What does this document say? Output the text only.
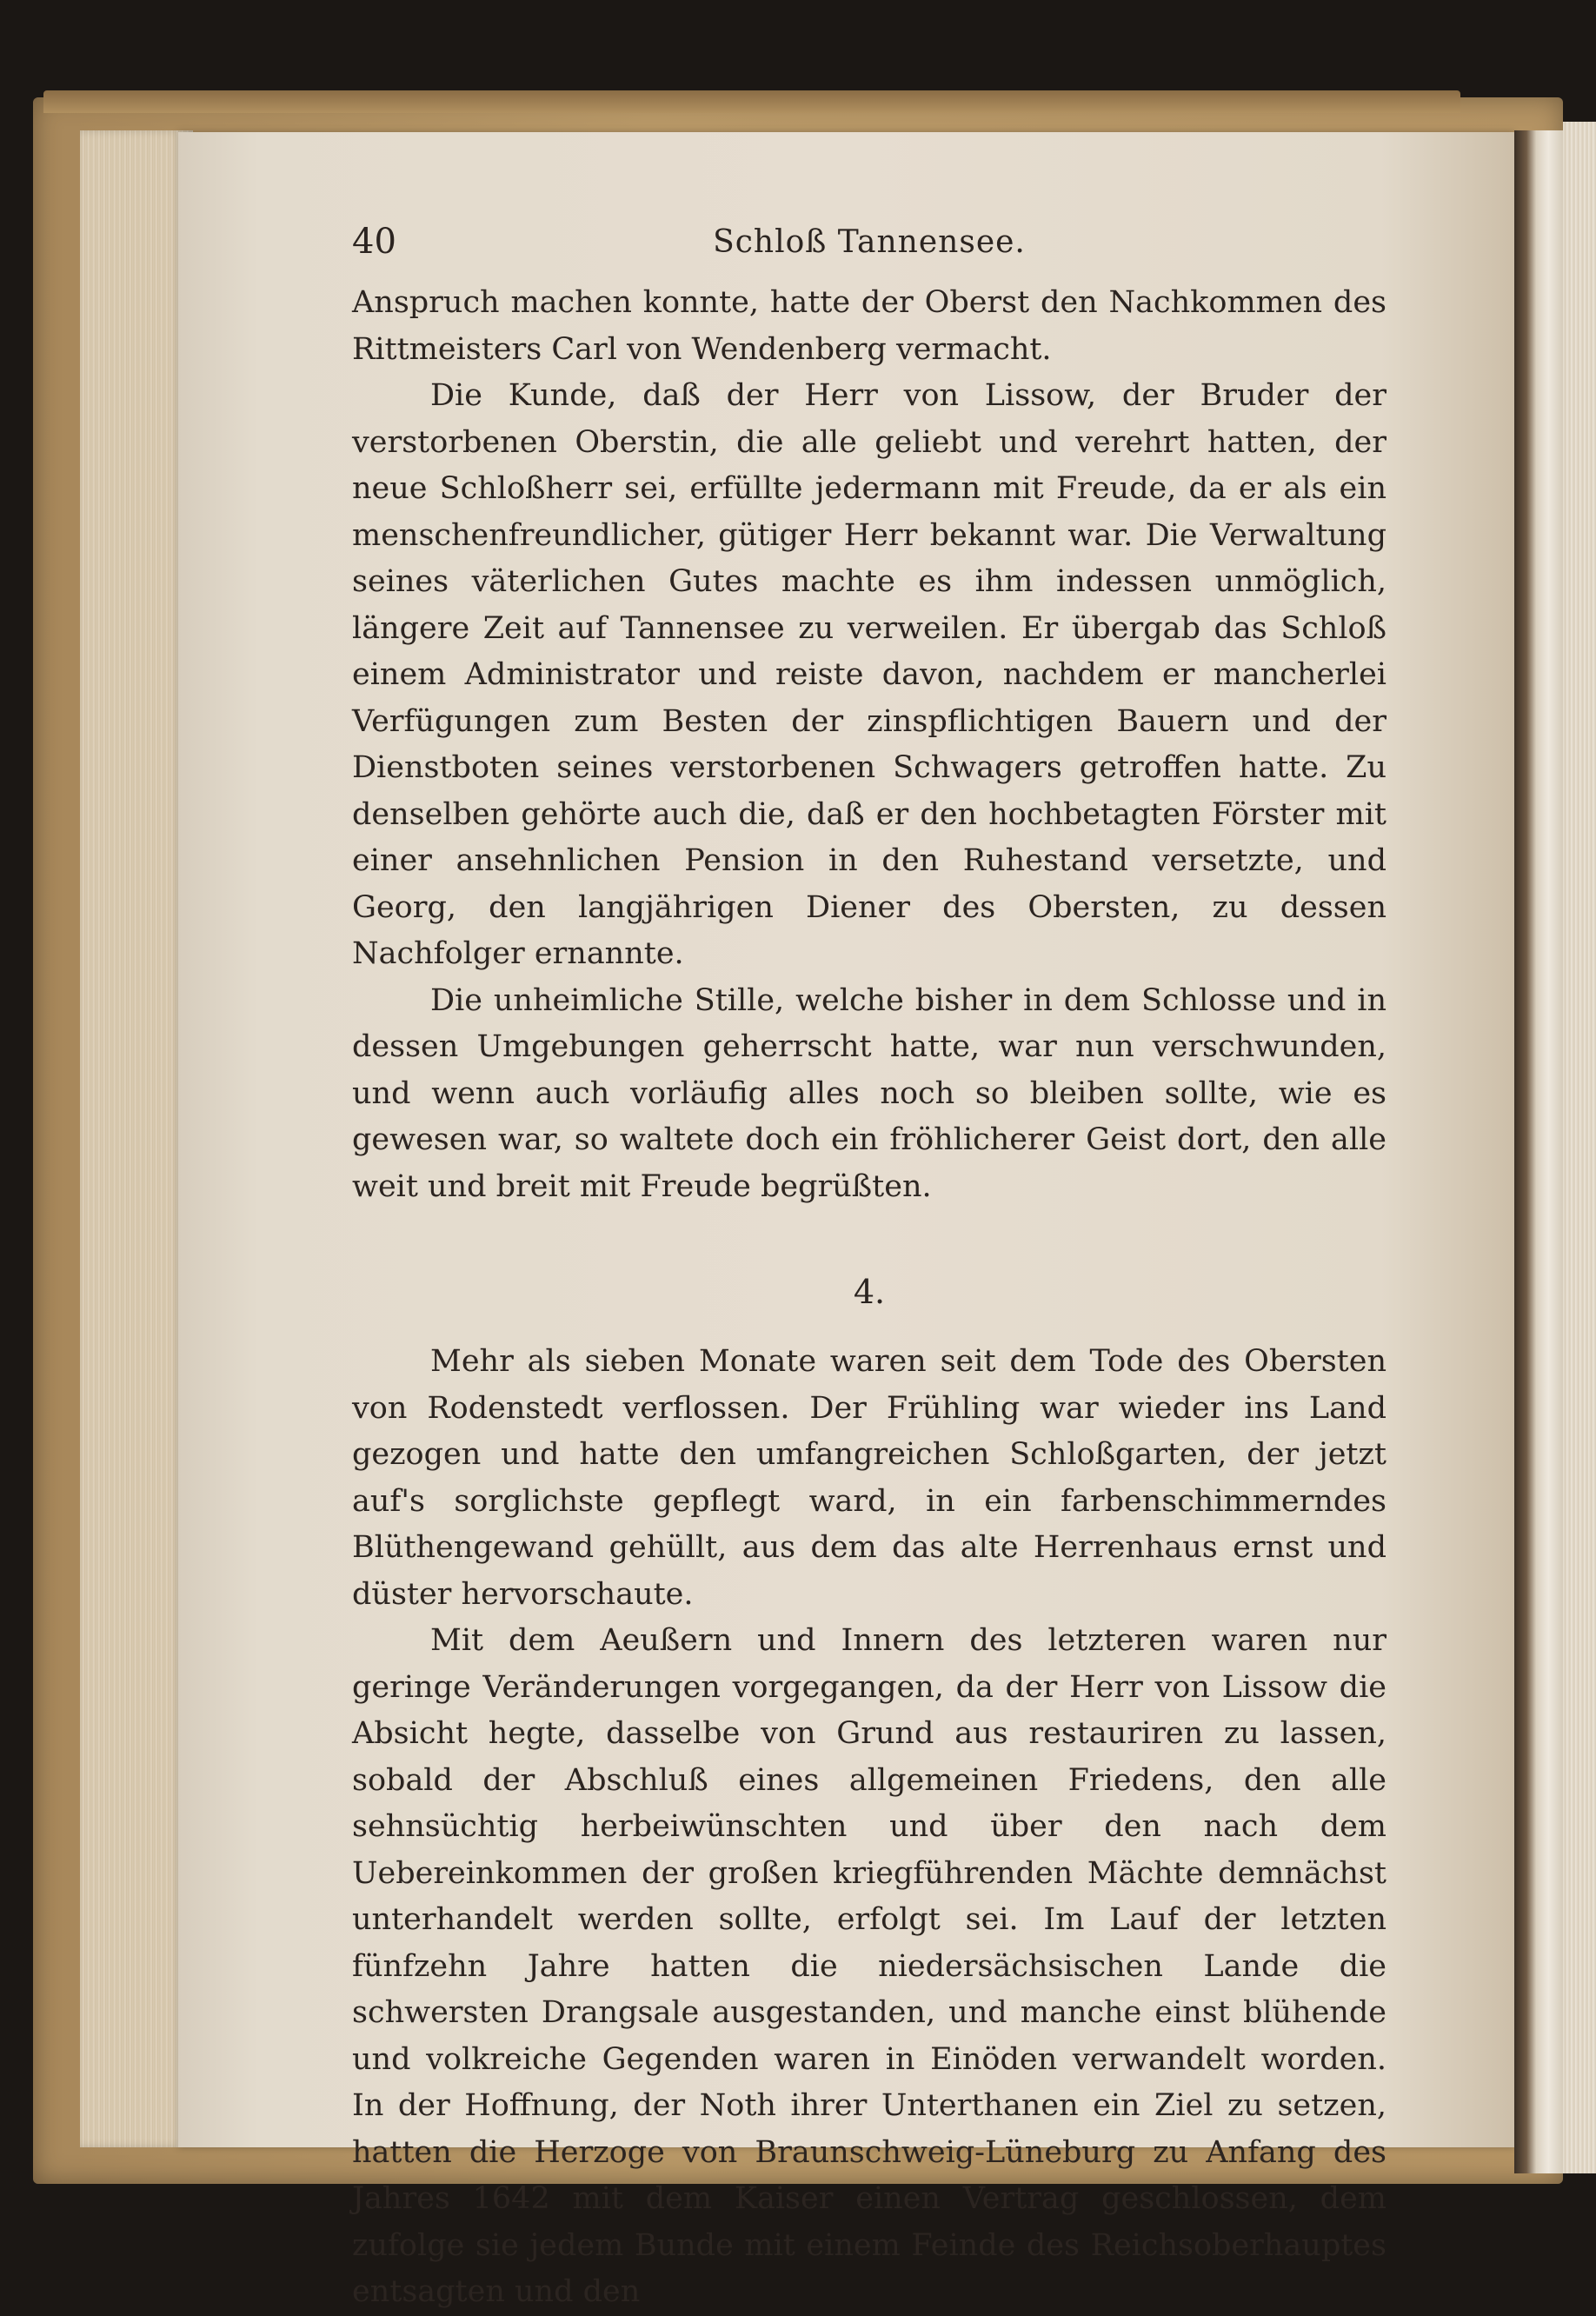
40	Schloß Tannensee.

Anspruch machen konnte, hatte der Oberst den Nachkommen des Rittmeisters Carl von Wendenberg vermacht.

Die Kunde, daß der Herr von Lissow, der Bruder der verstorbenen Oberstin, die alle geliebt und verehrt hatten, der neue Schloßherr sei, erfüllte jedermann mit Freude, da er als ein menschenfreundlicher, gütiger Herr bekannt war. Die Verwaltung seines väterlichen Gutes machte es ihm indessen unmöglich, längere Zeit auf Tannensee zu verweilen. Er übergab das Schloß einem Administrator und reiste davon, nachdem er mancherlei Verfügungen zum Besten der zinspflichtigen Bauern und der Dienstboten seines verstorbenen Schwagers getroffen hatte. Zu denselben gehörte auch die, daß er den hochbetagten Förster mit einer ansehnlichen Pension in den Ruhestand versetzte, und Georg, den langjährigen Diener des Obersten, zu dessen Nachfolger ernannte.

Die unheimliche Stille, welche bisher in dem Schlosse und in dessen Umgebungen geherrscht hatte, war nun verschwunden, und wenn auch vorläufig alles noch so bleiben sollte, wie es gewesen war, so waltete doch ein fröhlicherer Geist dort, den alle weit und breit mit Freude begrüßten.

4.

Mehr als sieben Monate waren seit dem Tode des Obersten von Rodenstedt verflossen. Der Frühling war wieder ins Land gezogen und hatte den umfangreichen Schloßgarten, der jetzt auf's sorglichste gepflegt ward, in ein farbenschimmerndes Blüthengewand gehüllt, aus dem das alte Herrenhaus ernst und düster hervorschaute.

Mit dem Aeußern und Innern des letzteren waren nur geringe Veränderungen vorgegangen, da der Herr von Lissow die Absicht hegte, dasselbe von Grund aus restauriren zu lassen, sobald der Abschluß eines allgemeinen Friedens, den alle sehnsüchtig herbeiwünschten und über den nach dem Uebereinkommen der großen kriegführenden Mächte demnächst unterhandelt werden sollte, erfolgt sei. Im Lauf der letzten fünfzehn Jahre hatten die niedersächsischen Lande die schwersten Drangsale ausgestanden, und manche einst blühende und volkreiche Gegenden waren in Einöden verwandelt worden. In der Hoffnung, der Noth ihrer Unterthanen ein Ziel zu setzen, hatten die Herzoge von Braunschweig-Lüneburg zu Anfang des Jahres 1642 mit dem Kaiser einen Vertrag geschlossen, dem zufolge sie jedem Bunde mit einem Feinde des Reichsoberhauptes entsagten und den
